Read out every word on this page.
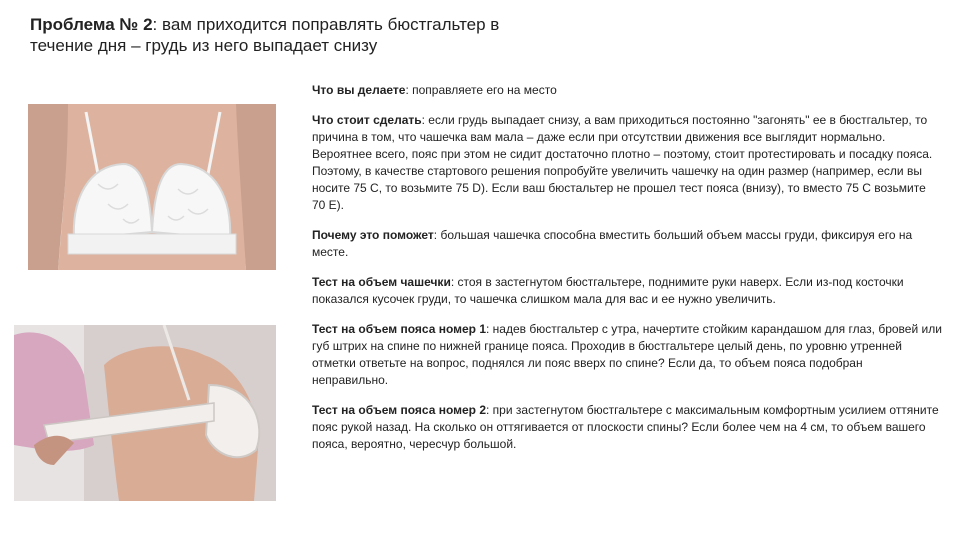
Проблема № 2: вам приходится поправлять бюстгальтер в течение дня – грудь из него выпадает снизу

Что вы делаете: поправляете его на место

Что стоит сделать: если грудь выпадает снизу, а вам приходиться постоянно "загонять" ее в бюстгальтер, то причина в том, что чашечка вам мала – даже если при отсутствии движения все выглядит нормально. Вероятнее всего, пояс при этом не сидит достаточно плотно – поэтому, стоит протестировать и посадку пояса. Поэтому, в качестве стартового решения попробуйте увеличить чашечку на один размер (например, если вы носите 75 С, то возьмите 75 D). Если ваш бюстальтер не прошел тест пояса (внизу), то вместо 75 С возьмите 70 Е).

Почему это поможет: большая чашечка способна вместить больший объем массы груди, фиксируя его на месте.

Тест на объем чашечки: стоя в застегнутом бюстгальтере, поднимите руки наверх. Если из-под косточки показался кусочек груди, то чашечка слишком мала для вас и ее нужно увеличить.

Тест на объем пояса номер 1: надев бюстгальтер с утра, начертите стойким карандашом для глаз, бровей или губ штрих на спине по нижней границе пояса. Проходив в бюстгальтере целый день, по уровню утренней отметки ответьте на вопрос, поднялся ли пояс вверх по спине? Если да, то объем пояса подобран неправильно.

Тест на объем пояса номер 2: при застегнутом бюстгальтере с максимальным комфортным усилием оттяните пояс рукой назад. На сколько он оттягивается от плоскости спины? Если более чем на 4 см, то объем вашего пояса, вероятно, чересчур большой.
